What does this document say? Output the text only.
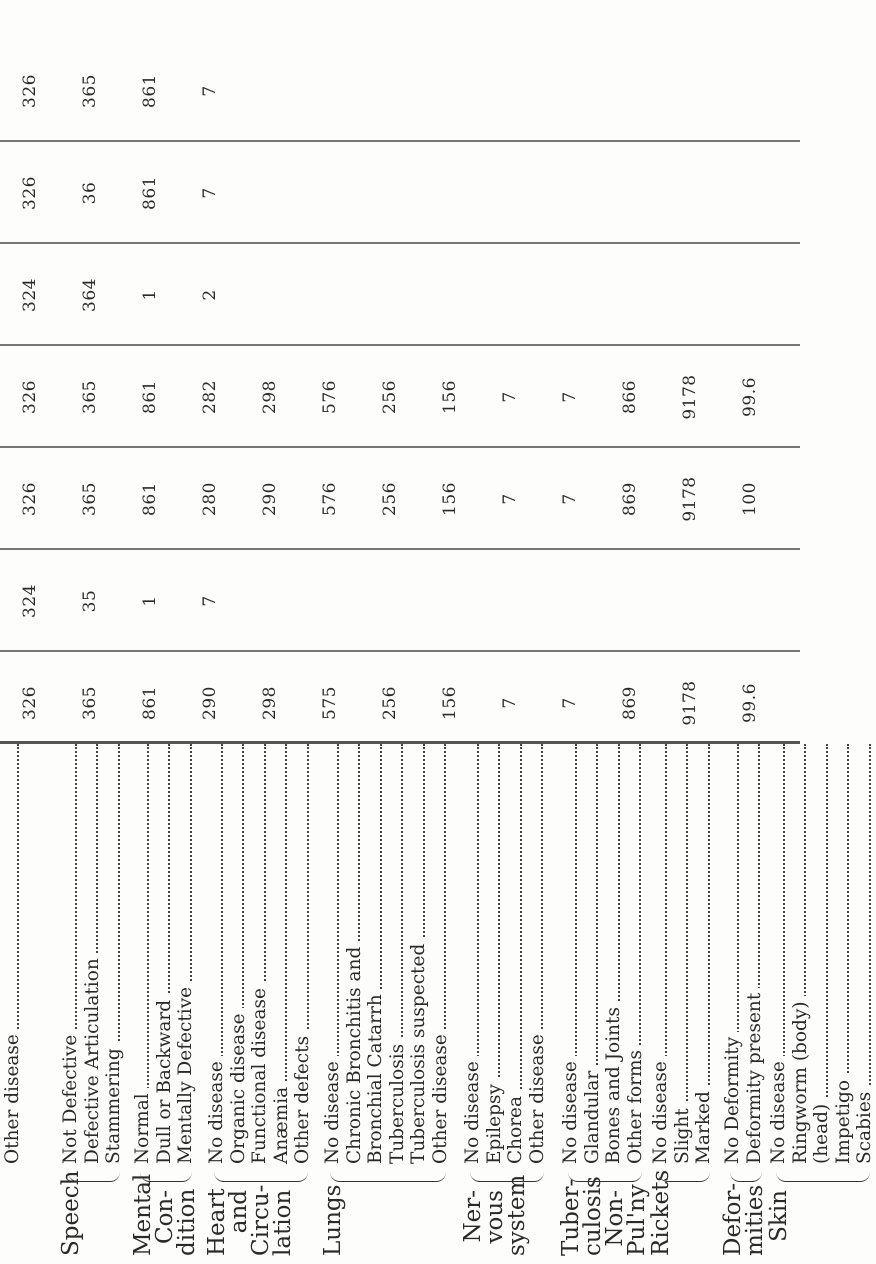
Other disease
Speech
Not Defective Defective Articulation Stammering
Mental Con-dition
Normal Dull or Backward Mentally Defective
Heart and Circu-lation
No disease Organic disease Functional disease Anæmia Other defects
Lungs
No disease Chronic Bronchitis and Bronchial Catarrh Tuberculosis Tuberculosis suspected Other disease
Ner-vous system
No disease Epilepsy Chorea Other disease
Tuber-culosis Non-Pul'ny
No disease Glandular Bones and Joints Other forms
Rickets
No disease Slight Marked
Defor-mities
No Deformity Deformity present
Skin
No disease Ringworm (body) (head) Impetigo Scabies
326 365 861 290 298 575 256 156 7 7 869 9178 99.6
324 35 1 7
326 365 861 280 290 576 256 156 7 7 869 9178 100
326 365 861 282 298 576 256 156 7 7 866 9178 99.6
324 364 1 2
326 36 861 7
326 365 861 7
